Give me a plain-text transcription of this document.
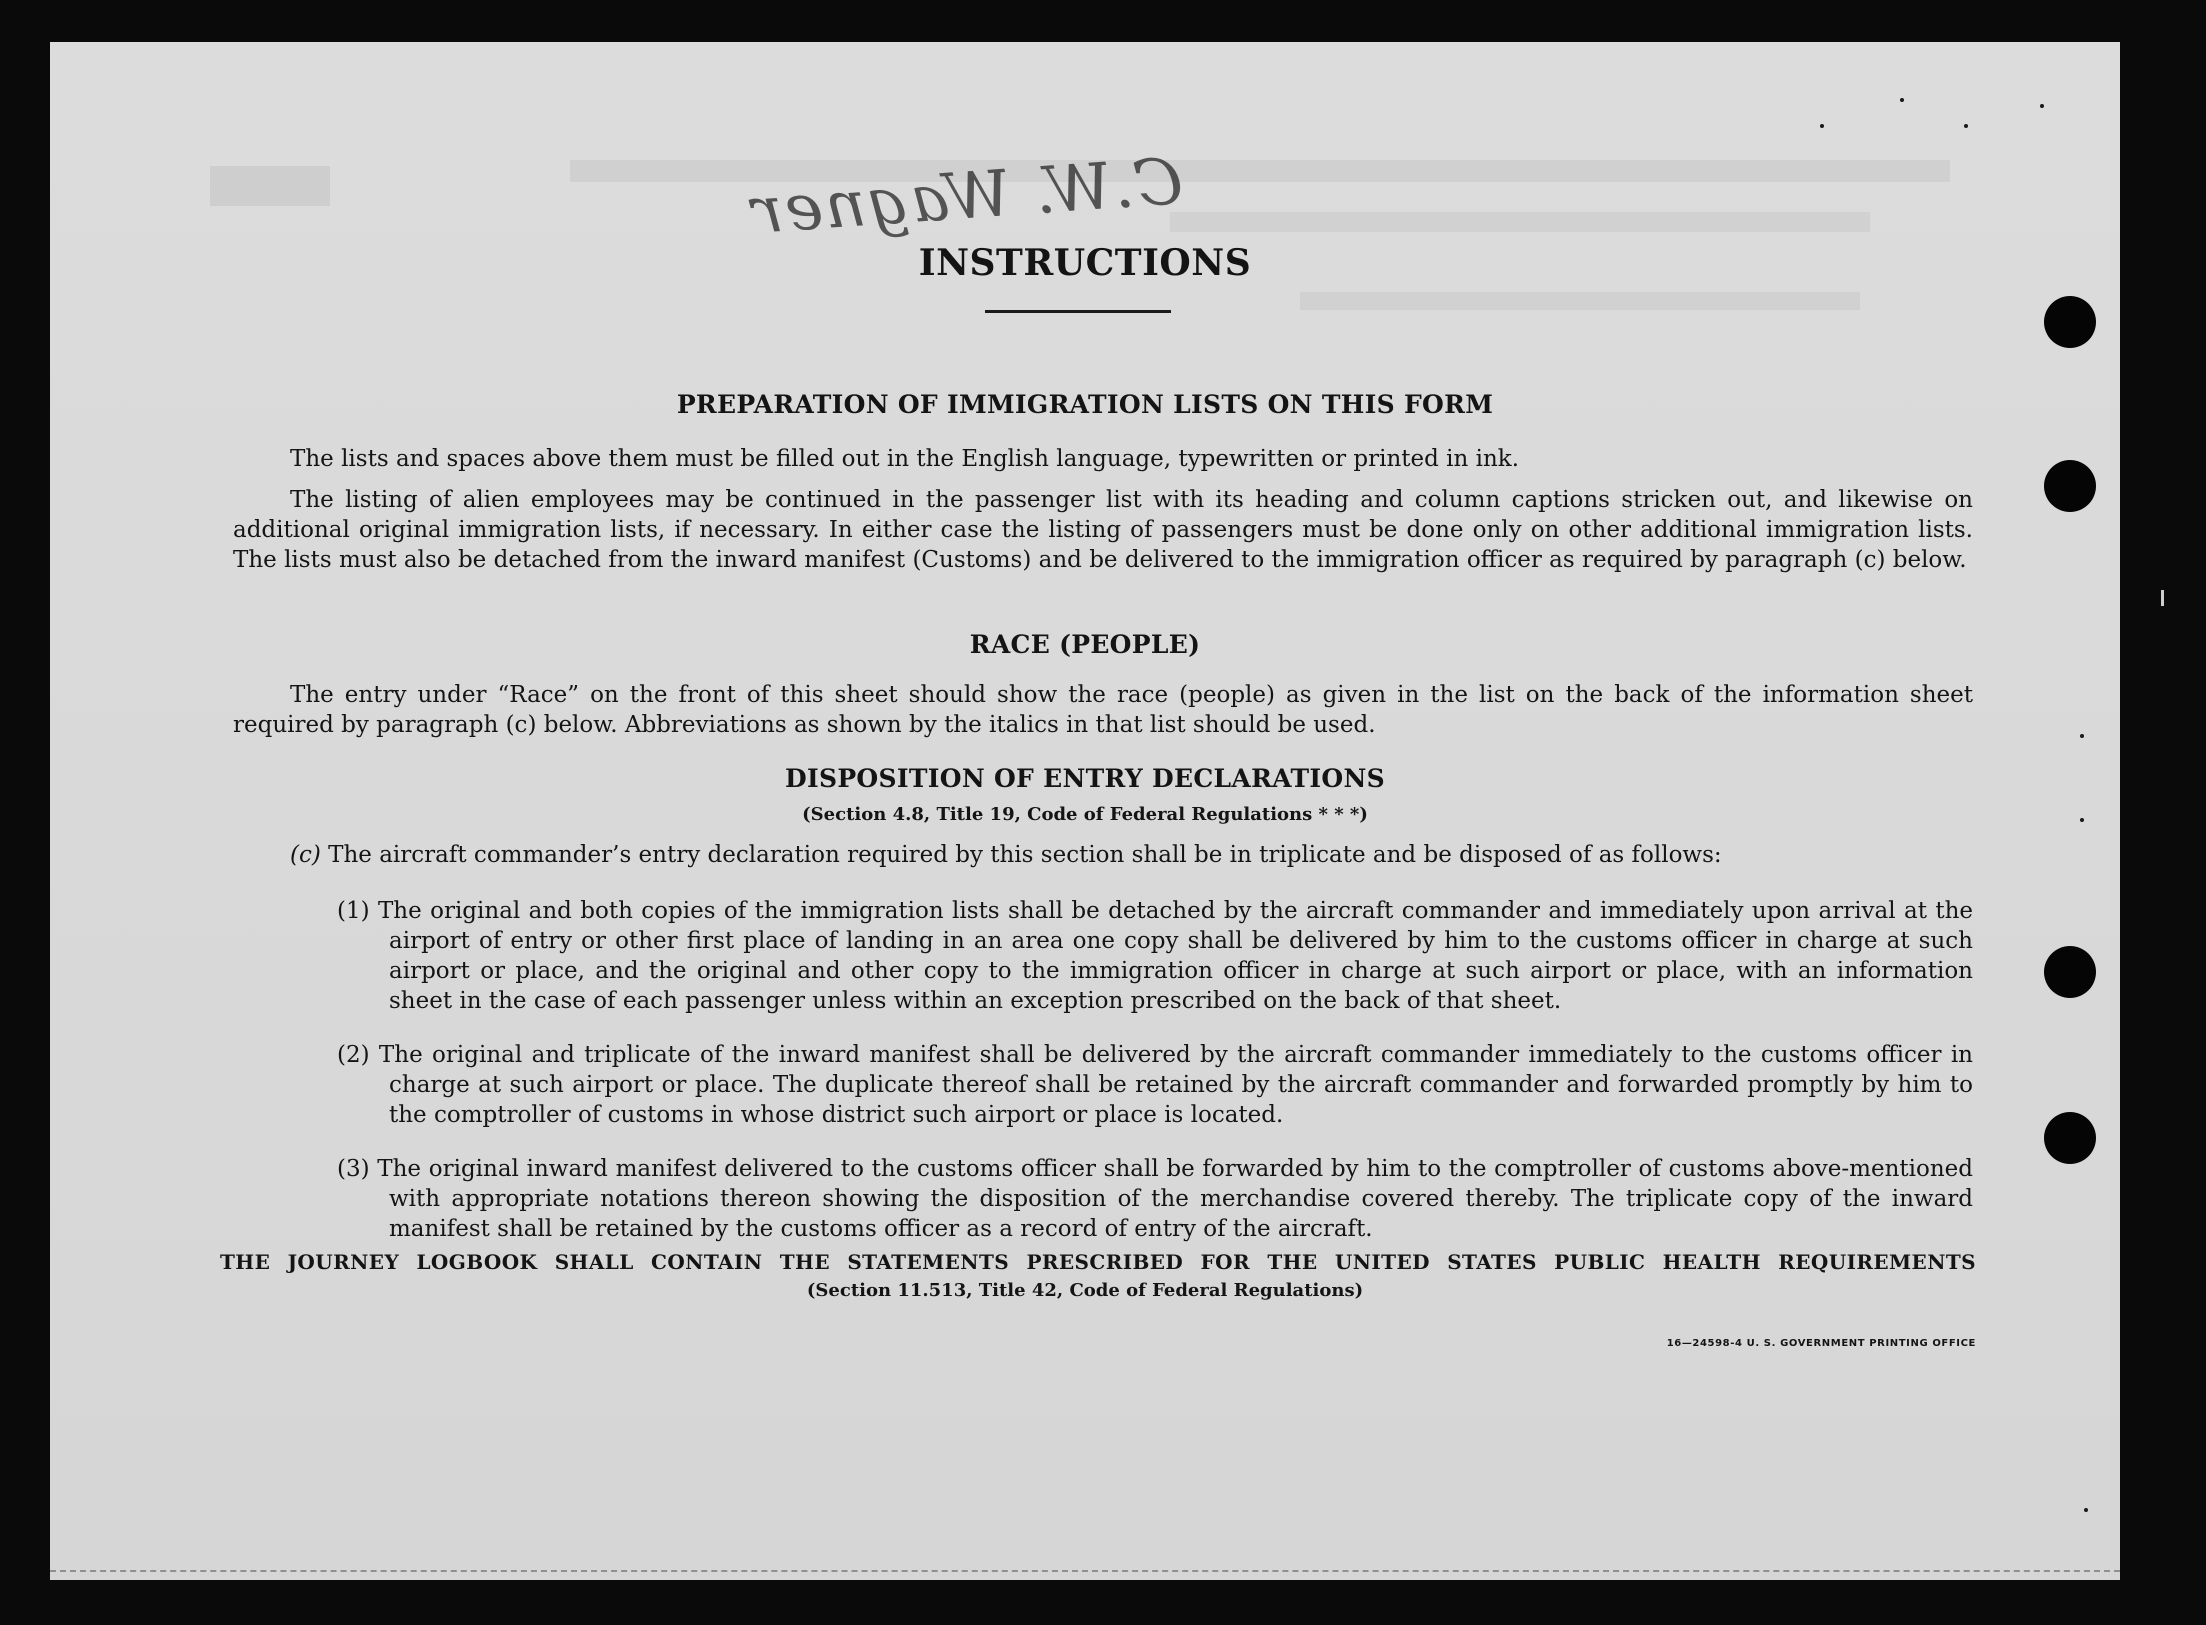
C.W. Wagner
INSTRUCTIONS
PREPARATION OF IMMIGRATION LISTS ON THIS FORM
The lists and spaces above them must be filled out in the English language, typewritten or printed in ink.
The listing of alien employees may be continued in the passenger list with its heading and column captions stricken out, and likewise on additional original immigration lists, if necessary. In either case the listing of passengers must be done only on other additional immigration lists. The lists must also be detached from the inward manifest (Customs) and be delivered to the immigration officer as required by paragraph (c) below.
RACE (PEOPLE)
The entry under “Race” on the front of this sheet should show the race (people) as given in the list on the back of the information sheet required by paragraph (c) below. Abbreviations as shown by the italics in that list should be used.
DISPOSITION OF ENTRY DECLARATIONS
(Section 4.8, Title 19, Code of Federal Regulations * * *)
(c) The aircraft commander’s entry declaration required by this section shall be in triplicate and be disposed of as follows:
(1) The original and both copies of the immigration lists shall be detached by the aircraft commander and immediately upon arrival at the airport of entry or other first place of landing in an area one copy shall be delivered by him to the customs officer in charge at such airport or place, and the original and other copy to the immigration officer in charge at such airport or place, with an information sheet in the case of each passenger unless within an exception prescribed on the back of that sheet.
(2) The original and triplicate of the inward manifest shall be delivered by the aircraft commander immediately to the customs officer in charge at such airport or place. The duplicate thereof shall be retained by the aircraft commander and forwarded promptly by him to the comptroller of customs in whose district such airport or place is located.
(3) The original inward manifest delivered to the customs officer shall be forwarded by him to the comptroller of customs above-mentioned with appropriate notations thereon showing the disposition of the merchandise covered thereby. The triplicate copy of the inward manifest shall be retained by the customs officer as a record of entry of the aircraft.
THE JOURNEY LOGBOOK SHALL CONTAIN THE STATEMENTS PRESCRIBED FOR THE UNITED STATES PUBLIC HEALTH REQUIREMENTS
(Section 11.513, Title 42, Code of Federal Regulations)
16—24598-4 U. S. GOVERNMENT PRINTING OFFICE
